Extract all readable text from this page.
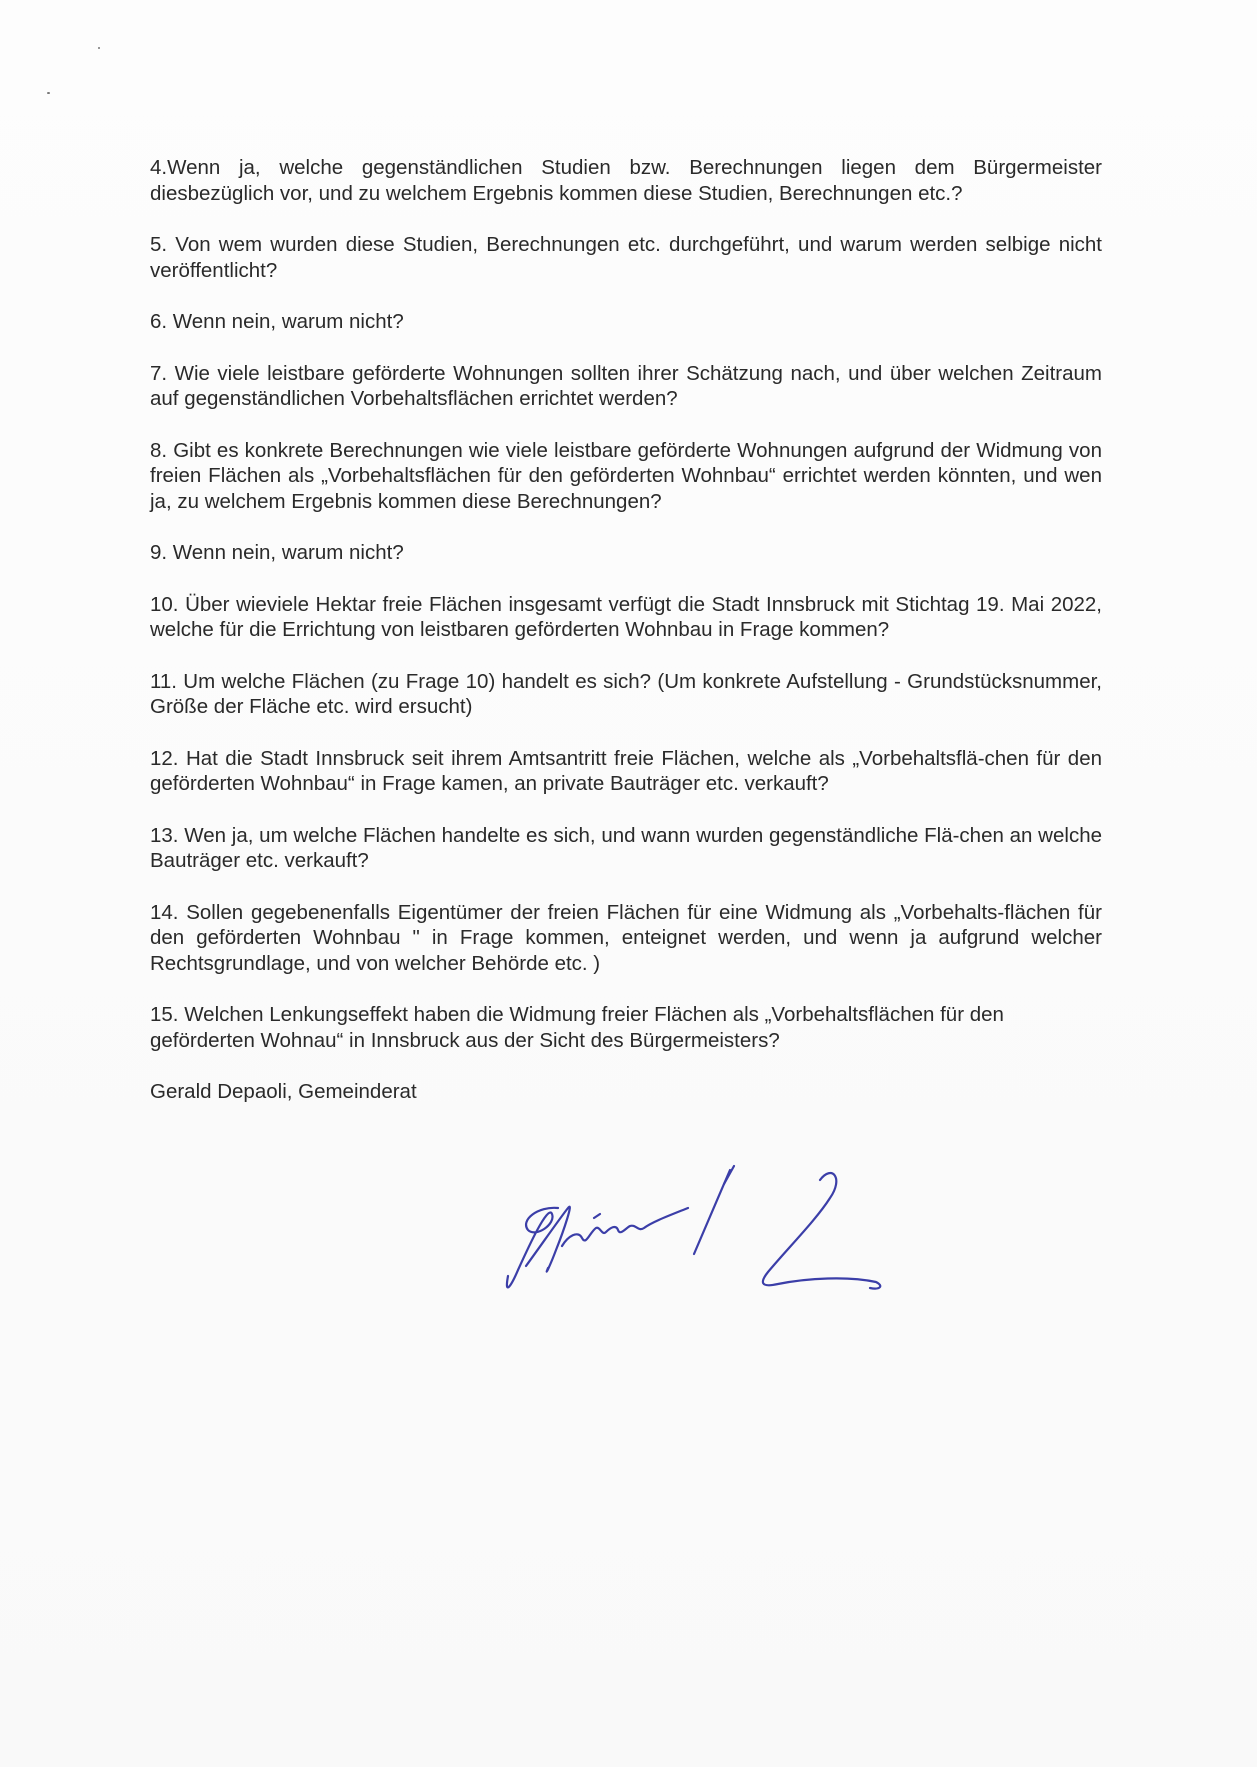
4.Wenn ja, welche gegenständlichen Studien bzw. Berechnungen liegen dem Bürgermeister diesbezüglich vor, und zu welchem Ergebnis kommen diese Studien, Berechnungen etc.?

5. Von wem wurden diese Studien, Berechnungen etc. durchgeführt, und warum werden selbige nicht veröffentlicht?

6. Wenn nein, warum nicht?

7. Wie viele leistbare geförderte Wohnungen sollten ihrer Schätzung nach, und über welchen Zeitraum auf gegenständlichen Vorbehaltsflächen errichtet werden?

8. Gibt es konkrete Berechnungen wie viele leistbare geförderte Wohnungen aufgrund der Widmung von freien Flächen als „Vorbehaltsflächen für den geförderten Wohnbau“ errichtet werden könnten, und wen ja, zu welchem Ergebnis kommen diese Berechnungen?

9. Wenn nein, warum nicht?

10. Über wieviele Hektar freie Flächen insgesamt verfügt die Stadt Innsbruck mit Stichtag 19. Mai 2022, welche für die Errichtung von leistbaren geförderten Wohnbau in Frage kommen?

11. Um welche Flächen (zu Frage 10) handelt es sich? (Um konkrete Aufstellung - Grundstücksnummer, Größe der Fläche etc. wird ersucht)

12. Hat die Stadt Innsbruck seit ihrem Amtsantritt freie Flächen, welche als „Vorbehaltsflä-chen für den geförderten Wohnbau“ in Frage kamen, an private Bauträger etc. verkauft?

13. Wen ja, um welche Flächen handelte es sich, und wann wurden gegenständliche Flä-chen an welche Bauträger etc. verkauft?

14. Sollen gegebenenfalls Eigentümer der freien Flächen für eine Widmung als „Vorbehalts-flächen für den geförderten Wohnbau " in Frage kommen, enteignet werden, und wenn ja aufgrund welcher Rechtsgrundlage, und von welcher Behörde etc. )

15. Welchen Lenkungseffekt haben die Widmung freier Flächen als „Vorbehaltsflächen für den geförderten Wohnau“ in Innsbruck aus der Sicht des Bürgermeisters?

Gerald Depaoli, Gemeinderat
